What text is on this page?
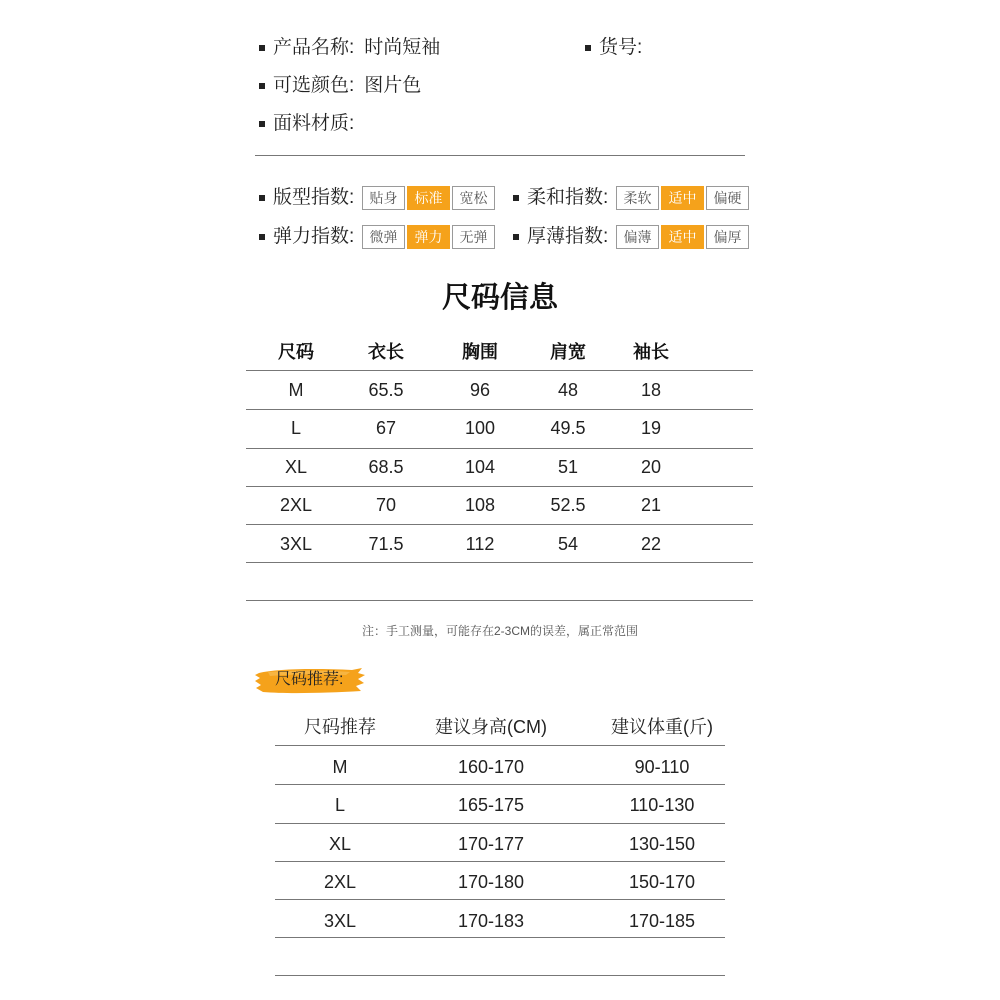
产品名称: 时尚短袖	货号:
可选颜色: 图片色
面料材质:
版型指数:	贴身	标准	宽松	柔和指数:	柔软	适中	偏硬
弹力指数:	微弹	弹力	无弹	厚薄指数:	偏薄	适中	偏厚
尺码信息
尺码	衣长	胸围	肩宽	袖长
M	65.5	96	48	18
L	67	100	49.5	19
XL	68.5	104	51	20
2XL	70	108	52.5	21
3XL	71.5	112	54	22
注：手工测量，可能存在2-3CM的误差，属正常范围
尺码推荐:
尺码推荐	建议身高(CM)	建议体重(斤)
M	160-170	90-110
L	165-175	110-130
XL	170-177	130-150
2XL	170-180	150-170
3XL	170-183	170-185
